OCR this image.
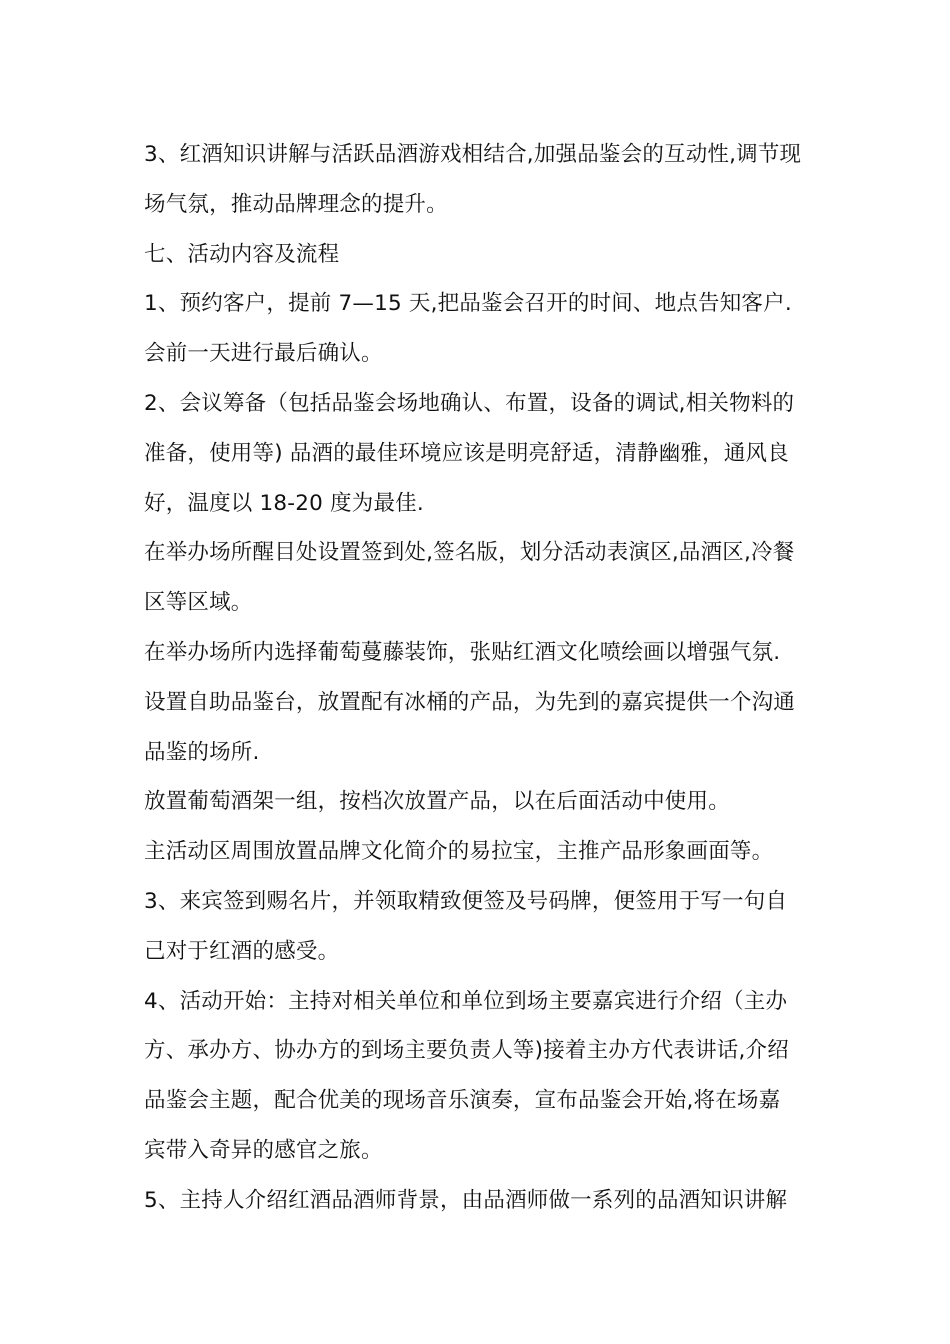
3、红酒知识讲解与活跃品酒游戏相结合,加强品鉴会的互动性,调节现

场气氛，推动品牌理念的提升。

七、活动内容及流程

1、预约客户，提前 7—15 天,把品鉴会召开的时间、地点告知客户.

会前一天进行最后确认。

2、会议筹备（包括品鉴会场地确认、布置，设备的调试,相关物料的

准备，使用等) 品酒的最佳环境应该是明亮舒适，清静幽雅，通风良

好，温度以 18-20 度为最佳.

在举办场所醒目处设置签到处,签名版，划分活动表演区,品酒区,冷餐

区等区域。

在举办场所内选择葡萄蔓藤装饰，张贴红酒文化喷绘画以增强气氛.

设置自助品鉴台，放置配有冰桶的产品，为先到的嘉宾提供一个沟通

品鉴的场所.

放置葡萄酒架一组，按档次放置产品，以在后面活动中使用。

主活动区周围放置品牌文化简介的易拉宝，主推产品形象画面等。

3、来宾签到赐名片，并领取精致便签及号码牌，便签用于写一句自

己对于红酒的感受。

4、活动开始：主持对相关单位和单位到场主要嘉宾进行介绍（主办

方、承办方、协办方的到场主要负责人等)接着主办方代表讲话,介绍

品鉴会主题，配合优美的现场音乐演奏，宣布品鉴会开始,将在场嘉

宾带入奇异的感官之旅。

5、主持人介绍红酒品酒师背景，由品酒师做一系列的品酒知识讲解
